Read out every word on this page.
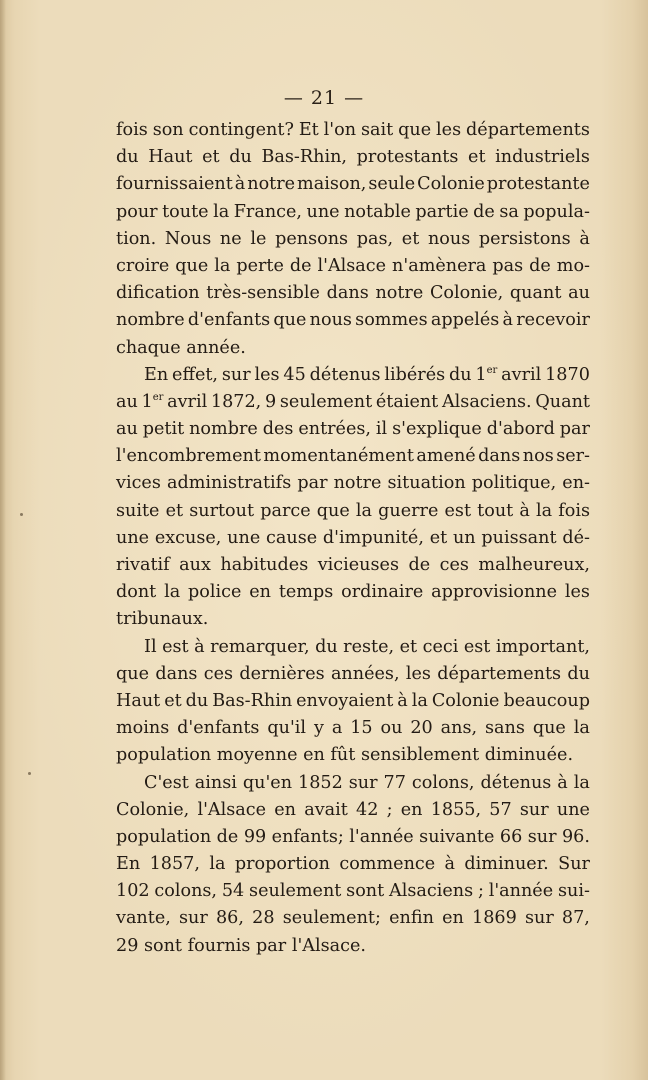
— 21 —
fois son contingent? Et l'on sait que les départements
du Haut et du Bas-Rhin, protestants et industriels
fournissaient à notre maison, seule Colonie protestante
pour toute la France, une notable partie de sa popula-
tion. Nous ne le pensons pas, et nous persistons à
croire que la perte de l'Alsace n'amènera pas de mo-
dification très-sensible dans notre Colonie, quant au
nombre d'enfants que nous sommes appelés à recevoir
chaque
année.
En effet, sur les 45 détenus libérés du 1er avril 1870
au 1er avril 1872, 9 seulement étaient Alsaciens. Quant
au petit nombre des entrées, il s'explique d'abord par
l'encombrement momentanément amené dans nos ser-
vices administratifs par notre situation politique, en-
suite et surtout parce que la guerre est tout à la fois
une excuse, une cause d'impunité, et un puissant dé-
rivatif aux habitudes vicieuses de ces malheureux,
dont la police en temps ordinaire approvisionne les
tribunaux.
Il est à remarquer, du reste, et ceci est important,
que dans ces dernières années, les départements du
Haut et du Bas-Rhin envoyaient à la Colonie beaucoup
moins d'enfants qu'il y a 15 ou 20 ans, sans que la
population
moyenne
en
fût
sensiblement
diminuée.
C'est ainsi qu'en 1852 sur 77 colons, détenus à la
Colonie, l'Alsace en avait 42 ; en 1855, 57 sur une
population de 99 enfants; l'année suivante 66 sur 96.
En 1857, la proportion commence à diminuer. Sur
102 colons, 54 seulement sont Alsaciens ; l'année sui-
vante, sur 86, 28 seulement; enfin en 1869 sur 87,
29
sont
fournis
par
l'Alsace.
